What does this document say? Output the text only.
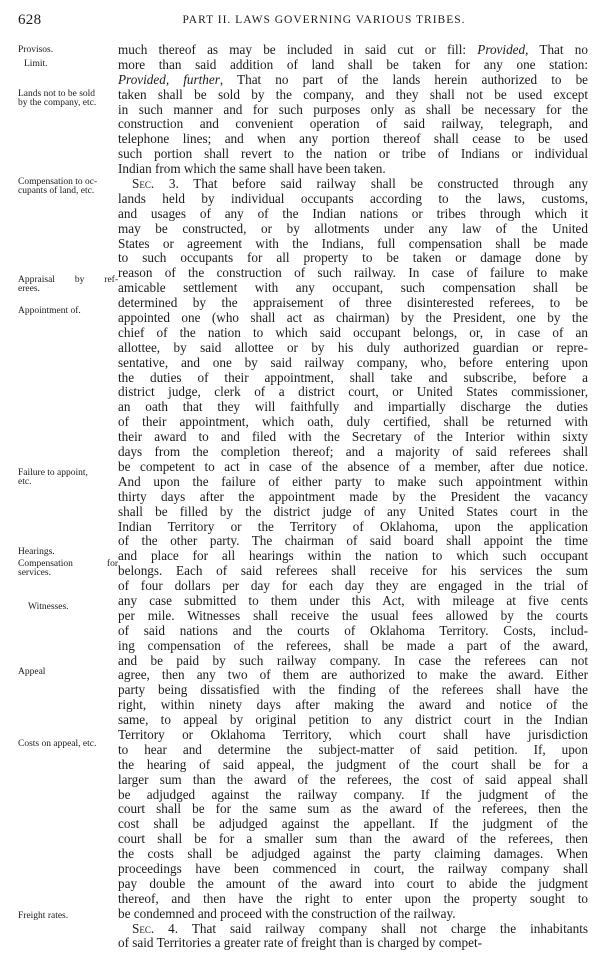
628	PART II. LAWS GOVERNING VARIOUS TRIBES.
Provisos.
Limit.
Lands not to be sold
by the company, etc.
Compensation to oc-
cupants of land, etc.
Appraisal by ref-
erees.
Appointment of.
Failure to appoint,
etc.
Hearings.
Compensation for
services.
Witnesses.
Appeal
Costs on appeal, etc.
Freight rates.

much thereof as may be included in said cut or fill: Provided, That no

more than said addition of land shall be taken for any one station:

Provided, further, That no part of the lands herein authorized to be

taken shall be sold by the company, and they shall not be used except

in such manner and for such purposes only as shall be necessary for the

construction and convenient operation of said railway, telegraph, and

telephone lines; and when any portion thereof shall cease to be used

such portion shall revert to the nation or tribe of Indians or individual

Indian from which the same shall have been taken.

Sec. 3. That before said railway shall be constructed through any

lands held by individual occupants according to the laws, customs,

and usages of any of the Indian nations or tribes through which it

may be constructed, or by allotments under any law of the United

States or agreement with the Indians, full compensation shall be made

to such occupants for all property to be taken or damage done by

reason of the construction of such railway. In case of failure to make

amicable settlement with any occupant, such compensation shall be

determined by the appraisement of three disinterested referees, to be

appointed one (who shall act as chairman) by the President, one by the

chief of the nation to which said occupant belongs, or, in case of an

allottee, by said allottee or by his duly authorized guardian or repre-

sentative, and one by said railway company, who, before entering upon

the duties of their appointment, shall take and subscribe, before a

district judge, clerk of a district court, or United States commissioner,

an oath that they will faithfully and impartially discharge the duties

of their appointment, which oath, duly certified, shall be returned with

their award to and filed with the Secretary of the Interior within sixty

days from the completion thereof; and a majority of said referees shall

be competent to act in case of the absence of a member, after due notice.

And upon the failure of either party to make such appointment within

thirty days after the appointment made by the President the vacancy

shall be filled by the district judge of any United States court in the

Indian Territory or the Territory of Oklahoma, upon the application

of the other party. The chairman of said board shall appoint the time

and place for all hearings within the nation to which such occupant

belongs. Each of said referees shall receive for his services the sum

of four dollars per day for each day they are engaged in the trial of

any case submitted to them under this Act, with mileage at five cents

per mile. Witnesses shall receive the usual fees allowed by the courts

of said nations and the courts of Oklahoma Territory. Costs, includ-

ing compensation of the referees, shall be made a part of the award,

and be paid by such railway company. In case the referees can not

agree, then any two of them are authorized to make the award. Either

party being dissatisfied with the finding of the referees shall have the

right, within ninety days after making the award and notice of the

same, to appeal by original petition to any district court in the Indian

Territory or Oklahoma Territory, which court shall have jurisdiction

to hear and determine the subject-matter of said petition. If, upon

the hearing of said appeal, the judgment of the court shall be for a

larger sum than the award of the referees, the cost of said appeal shall

be adjudged against the railway company. If the judgment of the

court shall be for the same sum as the award of the referees, then the

cost shall be adjudged against the appellant. If the judgment of the

court shall be for a smaller sum than the award of the referees, then

the costs shall be adjudged against the party claiming damages. When

proceedings have been commenced in court, the railway company shall

pay double the amount of the award into court to abide the judgment

thereof, and then have the right to enter upon the property sought to

be condemned and proceed with the construction of the railway.

Sec. 4. That said railway company shall not charge the inhabitants

of said Territories a greater rate of freight than is charged by compet-
